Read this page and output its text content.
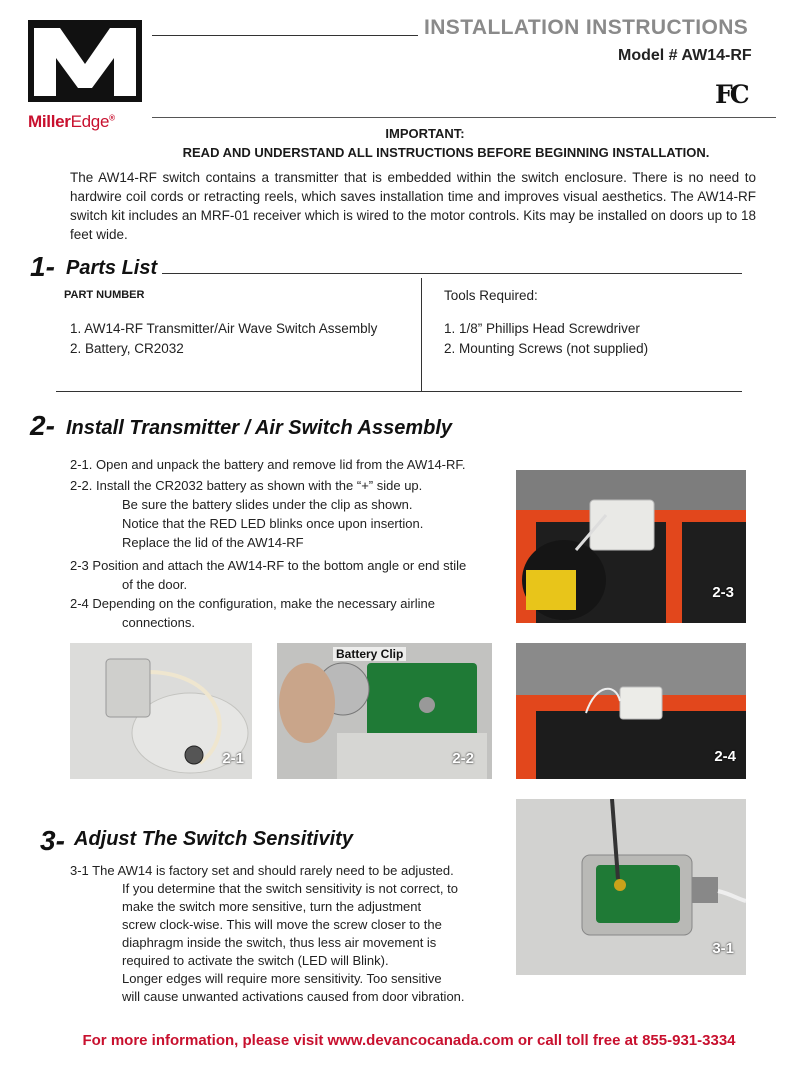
MillerEdge®
INSTALLATION INSTRUCTIONS
Model # AW14-RF
FC
IMPORTANT:
READ AND UNDERSTAND ALL INSTRUCTIONS BEFORE BEGINNING INSTALLATION.
The AW14-RF switch contains a transmitter that is embedded within the switch enclosure. There is no need to hardwire coil cords or retracting reels, which saves installation time and improves visual aesthetics. The AW14-RF switch kit includes an MRF-01 receiver which is wired to the motor controls. Kits may be installed on doors up to 18 feet wide.
1- Parts List
PART NUMBER
1. AW14-RF Transmitter/Air Wave Switch Assembly
2. Battery, CR2032
Tools Required:
1. 1/8” Phillips Head Screwdriver
2. Mounting Screws (not supplied)
2- Install Transmitter / Air Switch Assembly
2-1. Open and unpack the battery and remove lid from the AW14-RF.
2-2. Install the CR2032 battery as shown with the “+” side up.
Be sure the battery slides under the clip as shown.
Notice that the RED LED blinks once upon insertion.
Replace the lid of the AW14-RF
2-3 Position and attach the AW14-RF to the bottom angle or end stile
of the door.
2-4 Depending on the configuration, make the necessary airline
connections.
2-3
2-1	2-2
Battery Clip
2-4
3- Adjust The Switch Sensitivity
3-1 The AW14 is factory set and should rarely need to be adjusted.
If you determine that the switch sensitivity is not correct, to
make the switch more sensitive, turn the adjustment
screw clock-wise. This will move the screw closer to the
diaphragm inside the switch, thus less air movement is
required to activate the switch (LED will Blink).
Longer edges will require more sensitivity. Too sensitive
will cause unwanted activations caused from door vibration.
3-1
For more information, please visit www.devancocanada.com or call toll free at 855-931-3334
